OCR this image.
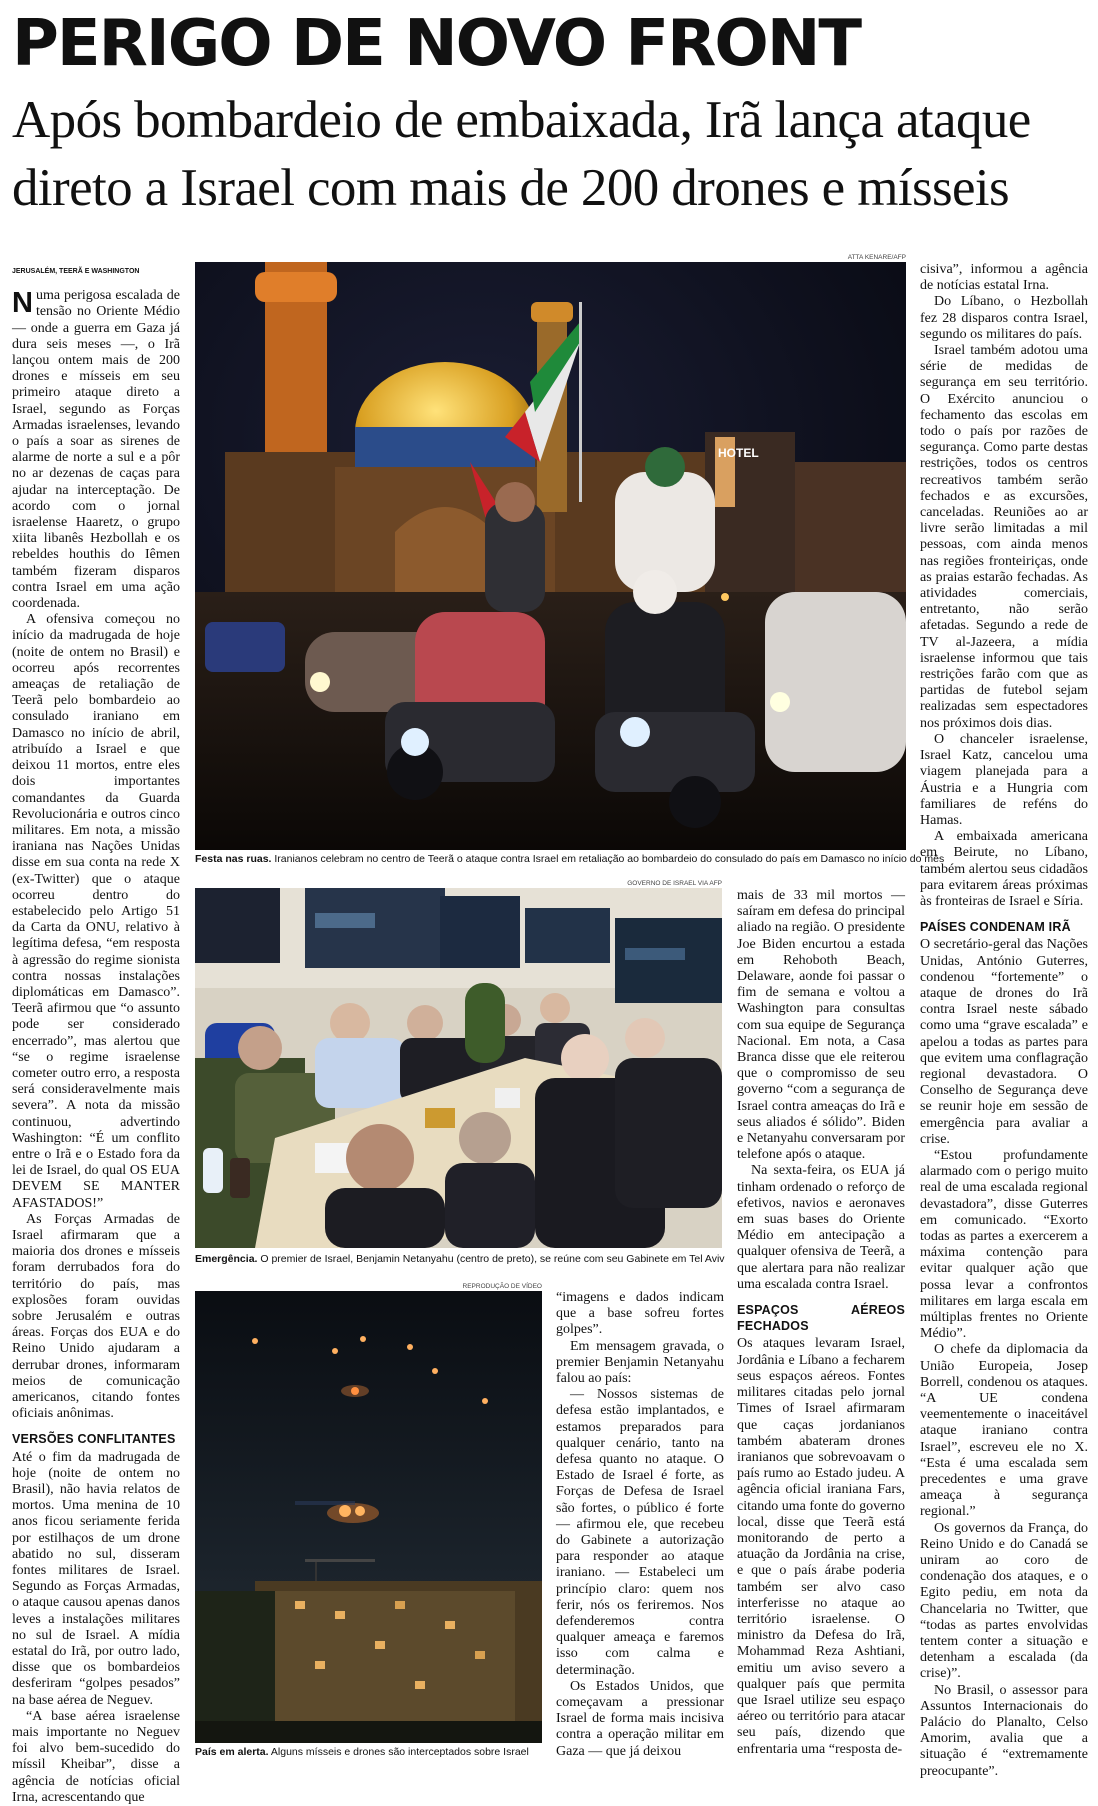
PERIGO DE NOVO FRONT
Após bombardeio de embaixada, Irã lança ataque direto a Israel com mais de 200 drones e mísseis
JERUSALÉM, TEERÃ E WASHINGTON

Numa perigosa escalada de tensão no Oriente Médio — onde a guerra em Gaza já dura seis meses —, o Irã lançou ontem mais de 200 drones e mísseis em seu primeiro ataque direto a Israel, segundo as Forças Armadas israelenses, levando o país a soar as sirenes de alarme de norte a sul e a pôr no ar dezenas de caças para ajudar na interceptação. De acordo com o jornal israelense Haaretz, o grupo xiita libanês Hezbollah e os rebeldes houthis do Iêmen também fizeram disparos contra Israel em uma ação coordenada.

A ofensiva começou no início da madrugada de hoje (noite de ontem no Brasil) e ocorreu após recorrentes ameaças de retaliação de Teerã pelo bombardeio ao consulado iraniano em Damasco no início de abril, atribuído a Israel e que deixou 11 mortos, entre eles dois importantes comandantes da Guarda Revolucionária e outros cinco militares. Em nota, a missão iraniana nas Nações Unidas disse em sua conta na rede X (ex-Twitter) que o ataque ocorreu dentro do estabelecido pelo Artigo 51 da Carta da ONU, relativo à legítima defesa, “em resposta à agressão do regime sionista contra nossas instalações diplomáticas em Damasco”. Teerã afirmou que “o assunto pode ser considerado encerrado”, mas alertou que “se o regime israelense cometer outro erro, a resposta será consideravelmente mais severa”. A nota da missão continuou, advertindo Washington: “É um conflito entre o Irã e o Estado fora da lei de Israel, do qual OS EUA DEVEM SE MANTER AFASTADOS!”

As Forças Armadas de Israel afirmaram que a maioria dos drones e mísseis foram derrubados fora do território do país, mas explosões foram ouvidas sobre Jerusalém e outras áreas. Forças dos EUA e do Reino Unido ajudaram a derrubar drones, informaram meios de comunicação americanos, citando fontes oficiais anônimas.

VERSÕES CONFLITANTES

Até o fim da madrugada de hoje (noite de ontem no Brasil), não havia relatos de mortos. Uma menina de 10 anos ficou seriamente ferida por estilhaços de um drone abatido no sul, disseram fontes militares de Israel. Segundo as Forças Armadas, o ataque causou apenas danos leves a instalações militares no sul de Israel. A mídia estatal do Irã, por outro lado, disse que os bombardeios desferiram “golpes pesados” na base aérea de Neguev.

“A base aérea israelense mais importante no Neguev foi alvo bem-sucedido do míssil Kheibar”, disse a agência de notícias oficial Irna, acrescentando que

ATTA KENARE/AFP
HOTEL
Festa nas ruas. Iranianos celebram no centro de Teerã o ataque contra Israel em retaliação ao bombardeio do consulado do país em Damasco no início do mês
GOVERNO DE ISRAEL VIA AFP
Emergência. O premier de Israel, Benjamin Netanyahu (centro de preto), se reúne com seu Gabinete em Tel Aviv
REPRODUÇÃO DE VÍDEO
País em alerta. Alguns mísseis e drones são interceptados sobre Israel

“imagens e dados indicam que a base sofreu fortes golpes”.

Em mensagem gravada, o premier Benjamin Netanyahu falou ao país:

— Nossos sistemas de defesa estão implantados, e estamos preparados para qualquer cenário, tanto na defesa quanto no ataque. O Estado de Israel é forte, as Forças de Defesa de Israel são fortes, o público é forte — afirmou ele, que recebeu do Gabinete a autorização para responder ao ataque iraniano. — Estabeleci um princípio claro: quem nos ferir, nós os feriremos. Nos defenderemos contra qualquer ameaça e faremos isso com calma e determinação.

Os Estados Unidos, que começavam a pressionar Israel de forma mais incisiva contra a operação militar em Gaza — que já deixou

mais de 33 mil mortos — saíram em defesa do principal aliado na região. O presidente Joe Biden encurtou a estada em Rehoboth Beach, Delaware, aonde foi passar o fim de semana e voltou a Washington para consultas com sua equipe de Segurança Nacional. Em nota, a Casa Branca disse que ele reiterou que o compromisso de seu governo “com a segurança de Israel contra ameaças do Irã e seus aliados é sólido”. Biden e Netanyahu conversaram por telefone após o ataque.

Na sexta-feira, os EUA já tinham ordenado o reforço de efetivos, navios e aeronaves em suas bases do Oriente Médio em antecipação a qualquer ofensiva de Teerã, a que alertara para não realizar uma escalada contra Israel.

ESPAÇOS AÉREOS FECHADOS

Os ataques levaram Israel, Jordânia e Líbano a fecharem seus espaços aéreos. Fontes militares citadas pelo jornal Times of Israel afirmaram que caças jordanianos também abateram drones iranianos que sobrevoavam o país rumo ao Estado judeu. A agência oficial iraniana Fars, citando uma fonte do governo local, disse que Teerã está monitorando de perto a atuação da Jordânia na crise, e que o país árabe poderia também ser alvo caso interferisse no ataque ao território israelense. O ministro da Defesa do Irã, Mohammad Reza Ashtiani, emitiu um aviso severo a qualquer país que permita que Israel utilize seu espaço aéreo ou território para atacar seu país, dizendo que enfrentaria uma “resposta de-

cisiva”, informou a agência de notícias estatal Irna.

Do Líbano, o Hezbollah fez 28 disparos contra Israel, segundo os militares do país.

Israel também adotou uma série de medidas de segurança em seu território. O Exército anunciou o fechamento das escolas em todo o país por razões de segurança. Como parte destas restrições, todos os centros recreativos também serão fechados e as excursões, canceladas. Reuniões ao ar livre serão limitadas a mil pessoas, com ainda menos nas regiões fronteiriças, onde as praias estarão fechadas. As atividades comerciais, entretanto, não serão afetadas. Segundo a rede de TV al-Jazeera, a mídia israelense informou que tais restrições farão com que as partidas de futebol sejam realizadas sem espectadores nos próximos dois dias.

O chanceler israelense, Israel Katz, cancelou uma viagem planejada para a Áustria e a Hungria com familiares de reféns do Hamas.

A embaixada americana em Beirute, no Líbano, também alertou seus cidadãos para evitarem áreas próximas às fronteiras de Israel e Síria.

PAÍSES CONDENAM IRÃ

O secretário-geral das Nações Unidas, António Guterres, condenou “fortemente” o ataque de drones do Irã contra Israel neste sábado como uma “grave escalada” e apelou a todas as partes para que evitem uma conflagração regional devastadora. O Conselho de Segurança deve se reunir hoje em sessão de emergência para avaliar a crise.

“Estou profundamente alarmado com o perigo muito real de uma escalada regional devastadora”, disse Guterres em comunicado. “Exorto todas as partes a exercerem a máxima contenção para evitar qualquer ação que possa levar a confrontos militares em larga escala em múltiplas frentes no Oriente Médio”.

O chefe da diplomacia da União Europeia, Josep Borrell, condenou os ataques. “A UE condena veementemente o inaceitável ataque iraniano contra Israel”, escreveu ele no X. “Esta é uma escalada sem precedentes e uma grave ameaça à segurança regional.”

Os governos da França, do Reino Unido e do Canadá se uniram ao coro de condenação dos ataques, e o Egito pediu, em nota da Chancelaria no Twitter, que “todas as partes envolvidas tentem conter a situação e detenham a escalada (da crise)”.

No Brasil, o assessor para Assuntos Internacionais do Palácio do Planalto, Celso Amorim, avalia que a situação é “extremamente preocupante”.
